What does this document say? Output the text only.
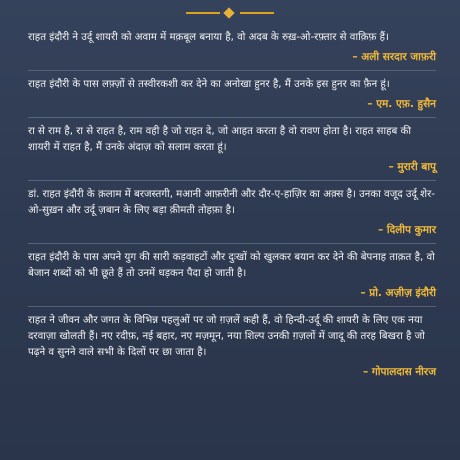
राहत इंदौरी ने उर्दू शायरी को अवाम में मक़बूल बनाया है, वो अदब के रुख़-ओ-रफ़्तार से वाक़िफ़ हैं।

– अली सरदार जाफ़री

राहत इंदौरी के पास लफ़्ज़ों से तस्वीरकशी कर देने का अनोखा हुनर है, मैं उनके इस हुनर का फ़ैन हूं।

– एम. एफ़. हुसैन

रा से राम है, रा से राहत है, राम वही है जो राहत दे, जो आहत करता है वो रावण होता है। राहत साहब की शायरी में राहत है, मैं उनके अंदाज़ को सलाम करता हूं।

– मुरारी बापू

डां. राहत इंदौरी के क़लाम में बरजस्तगी, मआनी आफ़रीनी और दौर-ए-हाज़िर का अक़्स है। उनका वजूद उर्दू शेर-ओ-सुख़न और उर्दू ज़बान के लिए बड़ा क़ीमती तोहफ़ा है।

– दिलीप कुमार

राहत इंदौरी के पास अपने युग की सारी कड़वाहटों और दुःखों को खुलकर बयान कर देने की बेपनाह ताक़त है, वो बेजान शब्दों को भी छूते हैं तो उनमें धड़कन पैदा हो जाती है।

– प्रो. अज़ीज़ इंदौरी

राहत ने जीवन और जगत के विभिन्न पहलुओं पर जो ग़ज़लें कही हैं, वो हिन्दी-उर्दू की शायरी के लिए एक नया दरवाज़ा खोलती हैं। नए रदीफ़, नई बहार, नए मज़मून, नया शिल्प उनकी ग़ज़लों में जादू की तरह बिखरा है जो पढ़ने व सुनने वाले सभी के दिलों पर छा जाता है।

– गोपालदास नीरज
